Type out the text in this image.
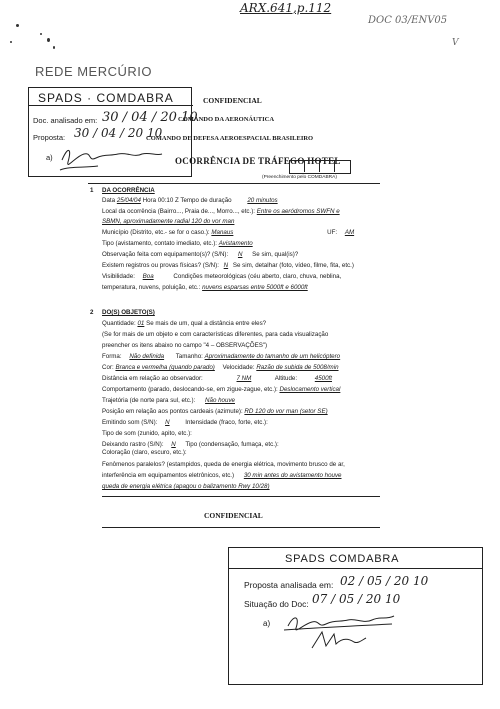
ARX.641,p.112
DOC 03/ENV05
V
REDE MERCÚRIO
SPADS · COMDABRA	CONFIDENCIAL
Doc. analisado em: 30 / 04 / 20 10
COMANDO DA AERONÁUTICA
Proposta: 30 / 04 / 20 10
COMANDO DE DEFESA AEROESPACIAL BRASILEIRO
a)	OCORRÊNCIA DE TRÁFEGO HOTEL
(Preenchimento pelo COMDABRA)
1 DA OCORRÊNCIA
Data 25/04/04 Hora 00:10 Z Tempo de duração	20 minutos
Local da ocorrência (Bairro..., Praia de..., Morro..., etc.): Entre os aeródromos SWFN e
SBMN, aproximadamente radial 120 do vor man
Município (Distrito, etc.- se for o caso.): Manaus	UF: AM
Tipo (avistamento, contato imediato, etc.): Avistamento
Observação feita com equipamento(s)? (S/N): N Se sim, qual(is)?
Existem registros ou provas físicas? (S/N): N Se sim, detalhar (foto, vídeo, filme, fita, etc.)
Visibilidade: Boa	Condições meteorológicas (céu aberto, claro, chuva, neblina,
temperatura, nuvens, poluição, etc.: nuvens esparsas entre 5000ft e 6000ft
2 DO(S) OBJETO(S)
Quantidade: 01 Se mais de um, qual a distância entre eles?
(Se for mais de um objeto e com características diferentes, para cada visualização
preencher os itens abaixo no campo "4 – OBSERVAÇÕES")
Forma: Não definida Tamanho: Aproximadamente do tamanho de um helicóptero
Cor: Branca e vermelha (quando parado) Velocidade: Razão de subida de 5008/min
Distância em relação ao observador:	7 NM	Altitude:	4500ft
Comportamento (parado, deslocando-se, em zigue-zague, etc.): Deslocamento vertical
Trajetória (de norte para sul, etc.): Não houve
Posição em relação aos pontos cardeais (azimute): RD 120 do vor man (setor SE)
Emitindo som (S/N): N	Intensidade (fraco, forte, etc.):
Tipo de som (zunido, apito, etc.):
Deixando rastro (S/N): N Tipo (condensação, fumaça, etc.):
Coloração (claro, escuro, etc.):
Fenômenos paralelos? (estampidos, queda de energia elétrica, movimento brusco de ar,
interferência em equipamentos eletrônicos, etc.) 30 min antes do avistamento houve
queda de energia elétrica (apagou o balizamento Rwy 10/28)
CONFIDENCIAL
SPADS COMDABRA
Proposta analisada em: 02 / 05 / 20 10
Situação do Doc: 07 / 05 / 20 10
a)
